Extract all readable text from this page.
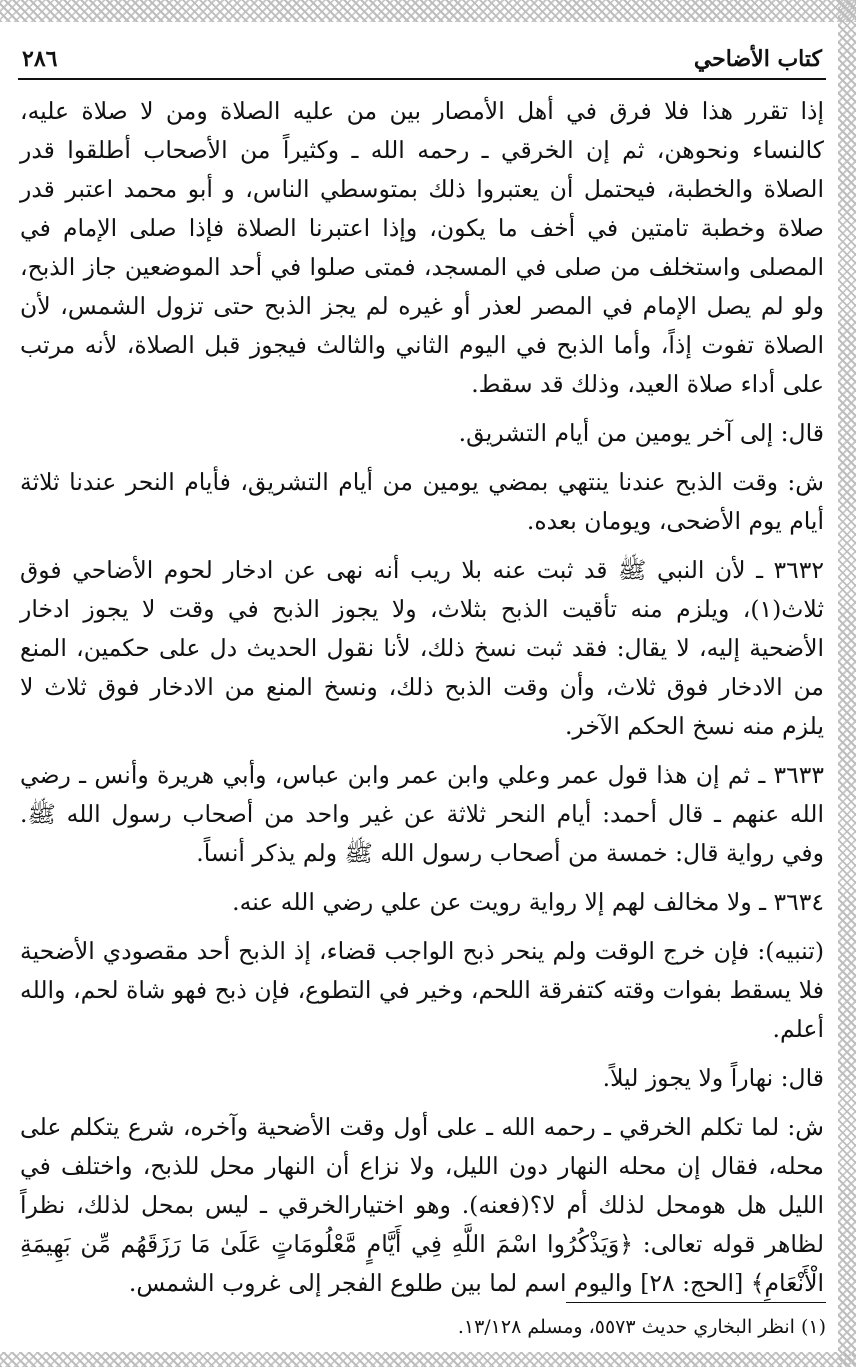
كتاب الأضاحي
٢٨٦

إذا تقرر هذا فلا فرق في أهل الأمصار بين من عليه الصلاة ومن لا صلاة عليه، كالنساء ونحوهن، ثم إن الخرقي ـ رحمه الله ـ وكثيراً من الأصحاب أطلقوا قدر الصلاة والخطبة، فيحتمل أن يعتبروا ذلك بمتوسطي الناس، و أبو محمد اعتبر قدر صلاة وخطبة تامتين في أخف ما يكون، وإذا اعتبرنا الصلاة فإذا صلى الإمام في المصلى واستخلف من صلى في المسجد، فمتى صلوا في أحد الموضعين جاز الذبح، ولو لم يصل الإمام في المصر لعذر أو غيره لم يجز الذبح حتى تزول الشمس، لأن الصلاة تفوت إذاً، وأما الذبح في اليوم الثاني والثالث فيجوز قبل الصلاة، لأنه مرتب على أداء صلاة العيد، وذلك قد سقط.

قال: إلى آخر يومين من أيام التشريق.

ش: وقت الذبح عندنا ينتهي بمضي يومين من أيام التشريق، فأيام النحر عندنا ثلاثة أيام يوم الأضحى، ويومان بعده.

٣٦٣٢ ـ لأن النبي ﷺ قد ثبت عنه بلا ريب أنه نهى عن ادخار لحوم الأضاحي فوق ثلاث(١)، ويلزم منه تأقيت الذبح بثلاث، ولا يجوز الذبح في وقت لا يجوز ادخار الأضحية إليه، لا يقال: فقد ثبت نسخ ذلك، لأنا نقول الحديث دل على حكمين، المنع من الادخار فوق ثلاث، وأن وقت الذبح ذلك، ونسخ المنع من الادخار فوق ثلاث لا يلزم منه نسخ الحكم الآخر.

٣٦٣٣ ـ ثم إن هذا قول عمر وعلي وابن عمر وابن عباس، وأبي هريرة وأنس ـ رضي الله عنهم ـ قال أحمد: أيام النحر ثلاثة عن غير واحد من أصحاب رسول الله ﷺ. وفي رواية قال: خمسة من أصحاب رسول الله ﷺ ولم يذكر أنساً.

٣٦٣٤ ـ ولا مخالف لهم إلا رواية رويت عن علي رضي الله عنه.

(تنبيه): فإن خرج الوقت ولم ينحر ذبح الواجب قضاء، إذ الذبح أحد مقصودي الأضحية فلا يسقط بفوات وقته كتفرقة اللحم، وخير في التطوع، فإن ذبح فهو شاة لحم، والله أعلم.

قال: نهاراً ولا يجوز ليلاً.

ش: لما تكلم الخرقي ـ رحمه الله ـ على أول وقت الأضحية وآخره، شرع يتكلم على محله، فقال إن محله النهار دون الليل، ولا نزاع أن النهار محل للذبح، واختلف في الليل هل هومحل لذلك أم لا؟(فعنه). وهو اختيارالخرقي ـ ليس بمحل لذلك، نظراً لظاهر قوله تعالى: ﴿وَيَذْكُرُوا اسْمَ اللَّهِ فِي أَيَّامٍ مَّعْلُومَاتٍ عَلَىٰ مَا رَزَقَهُم مِّن بَهِيمَةِ الْأَنْعَامِ﴾ [الحج: ٢٨] واليوم اسم لما بين طلوع الفجر إلى غروب الشمس.

(١) انظر البخاري حديث ٥٥٧٣، ومسلم ١٣/١٢٨.
